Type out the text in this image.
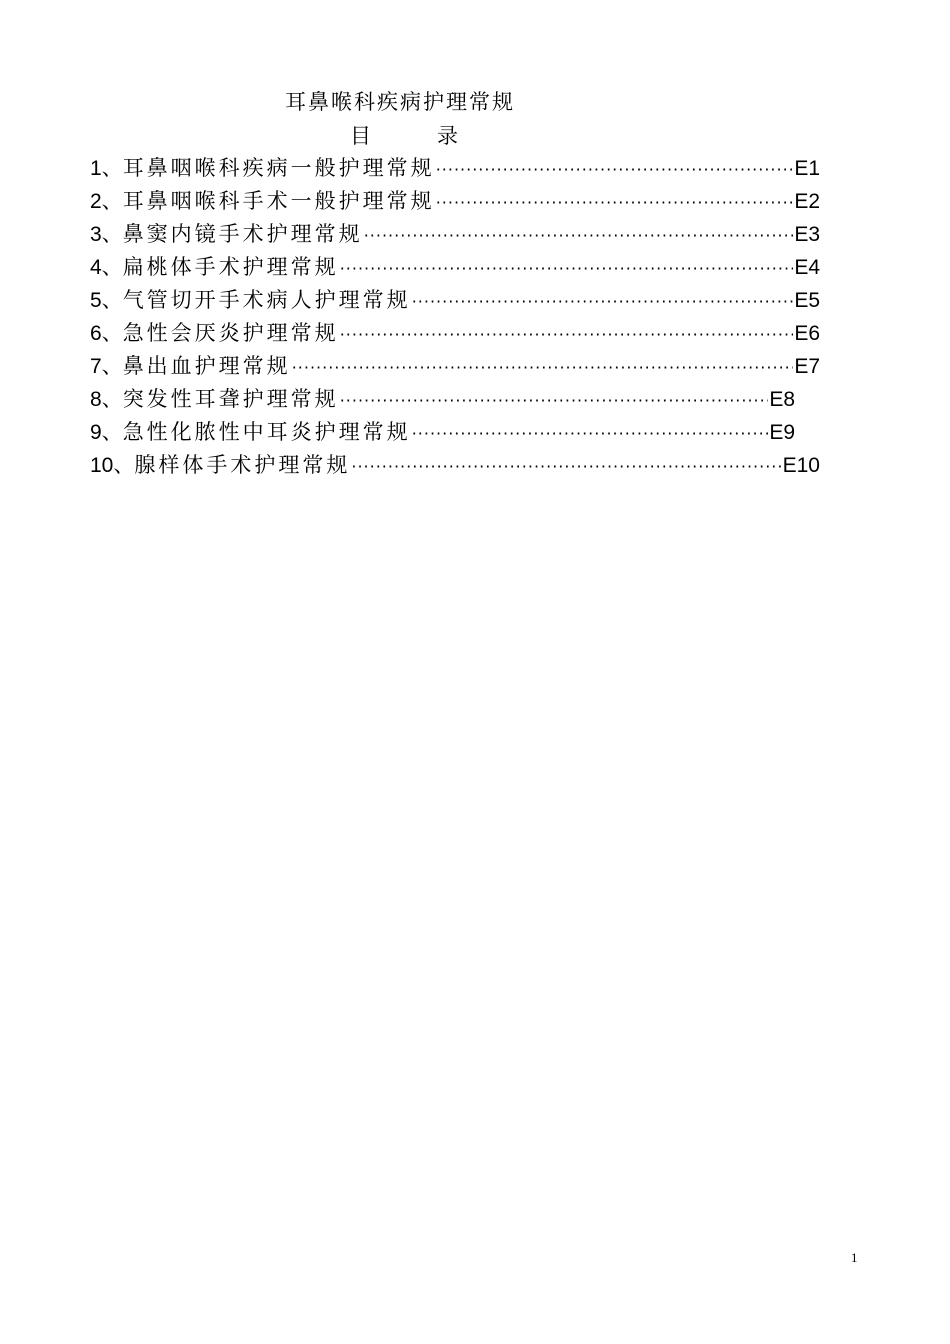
耳鼻喉科疾病护理常规
目	录
1、 耳鼻咽喉科疾病一般护理常规 ·····	E1
2、 耳鼻咽喉科手术一般护理常规 ·····	E2
3、 鼻窦内镜手术护理常规 ·····	E3
4、 扁桃体手术护理常规 ·····	E4
5、 气管切开手术病人护理常规 ·····	E5
6、 急性会厌炎护理常规 ·····	E6
7、 鼻出血护理常规 ·····	E7
8、 突发性耳聋护理常规 ·····	E8
9、 急性化脓性中耳炎护理常规 ·····	E9
10、 腺样体手术护理常规 ·····	E10
1
